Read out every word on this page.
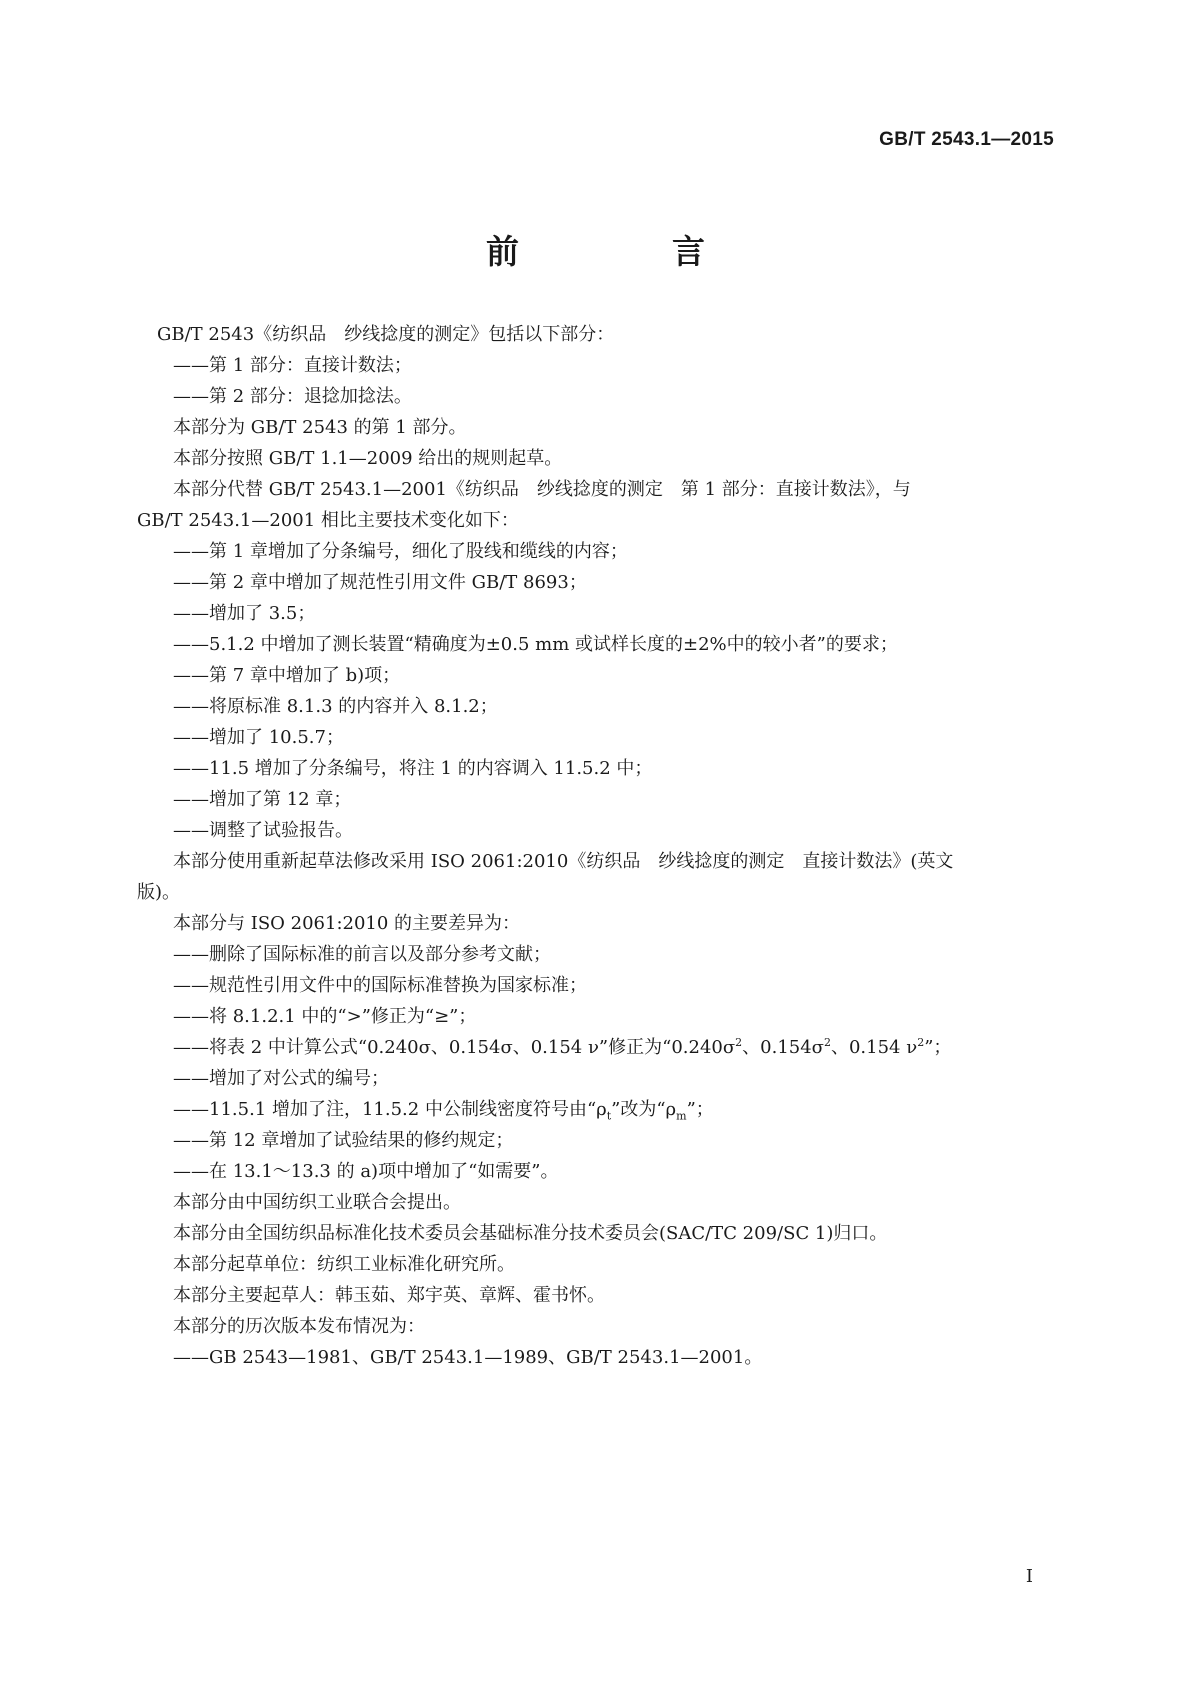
GB/T 2543.1—2015
前　言

GB/T 2543《纺织品　纱线捻度的测定》包括以下部分：

——第 1 部分：直接计数法；

——第 2 部分：退捻加捻法。

本部分为 GB/T 2543 的第 1 部分。

本部分按照 GB/T 1.1—2009 给出的规则起草。

本部分代替 GB/T 2543.1—2001《纺织品　纱线捻度的测定　第 1 部分：直接计数法》，与

GB/T 2543.1—2001 相比主要技术变化如下：

——第 1 章增加了分条编号，细化了股线和缆线的内容；

——第 2 章中增加了规范性引用文件 GB/T 8693；

——增加了 3.5；

——5.1.2 中增加了测长装置“精确度为±0.5 mm 或试样长度的±2%中的较小者”的要求；

——第 7 章中增加了 b)项；

——将原标准 8.1.3 的内容并入 8.1.2；

——增加了 10.5.7；

——11.5 增加了分条编号，将注 1 的内容调入 11.5.2 中；

——增加了第 12 章；

——调整了试验报告。

本部分使用重新起草法修改采用 ISO 2061:2010《纺织品　纱线捻度的测定　直接计数法》(英文

版)。

本部分与 ISO 2061:2010 的主要差异为：

——删除了国际标准的前言以及部分参考文献；

——规范性引用文件中的国际标准替换为国家标准；

——将 8.1.2.1 中的“>”修正为“≥”；

——将表 2 中计算公式“0.240σ、0.154σ、0.154 ν”修正为“$0.240\sigma^2$、$0.154\sigma^2$、0.154 $\nu^2$”；

——增加了对公式的编号；

——11.5.1 增加了注，11.5.2 中公制线密度符号由“$\rho_t$”改为“$\rho_m$”；

——第 12 章增加了试验结果的修约规定；

——在 13.1～13.3 的 a)项中增加了“如需要”。

本部分由中国纺织工业联合会提出。

本部分由全国纺织品标准化技术委员会基础标准分技术委员会(SAC/TC 209/SC 1)归口。

本部分起草单位：纺织工业标准化研究所。

本部分主要起草人：韩玉茹、郑宇英、章辉、霍书怀。

本部分的历次版本发布情况为：

——GB 2543—1981、GB/T 2543.1—1989、GB/T 2543.1—2001。

I
